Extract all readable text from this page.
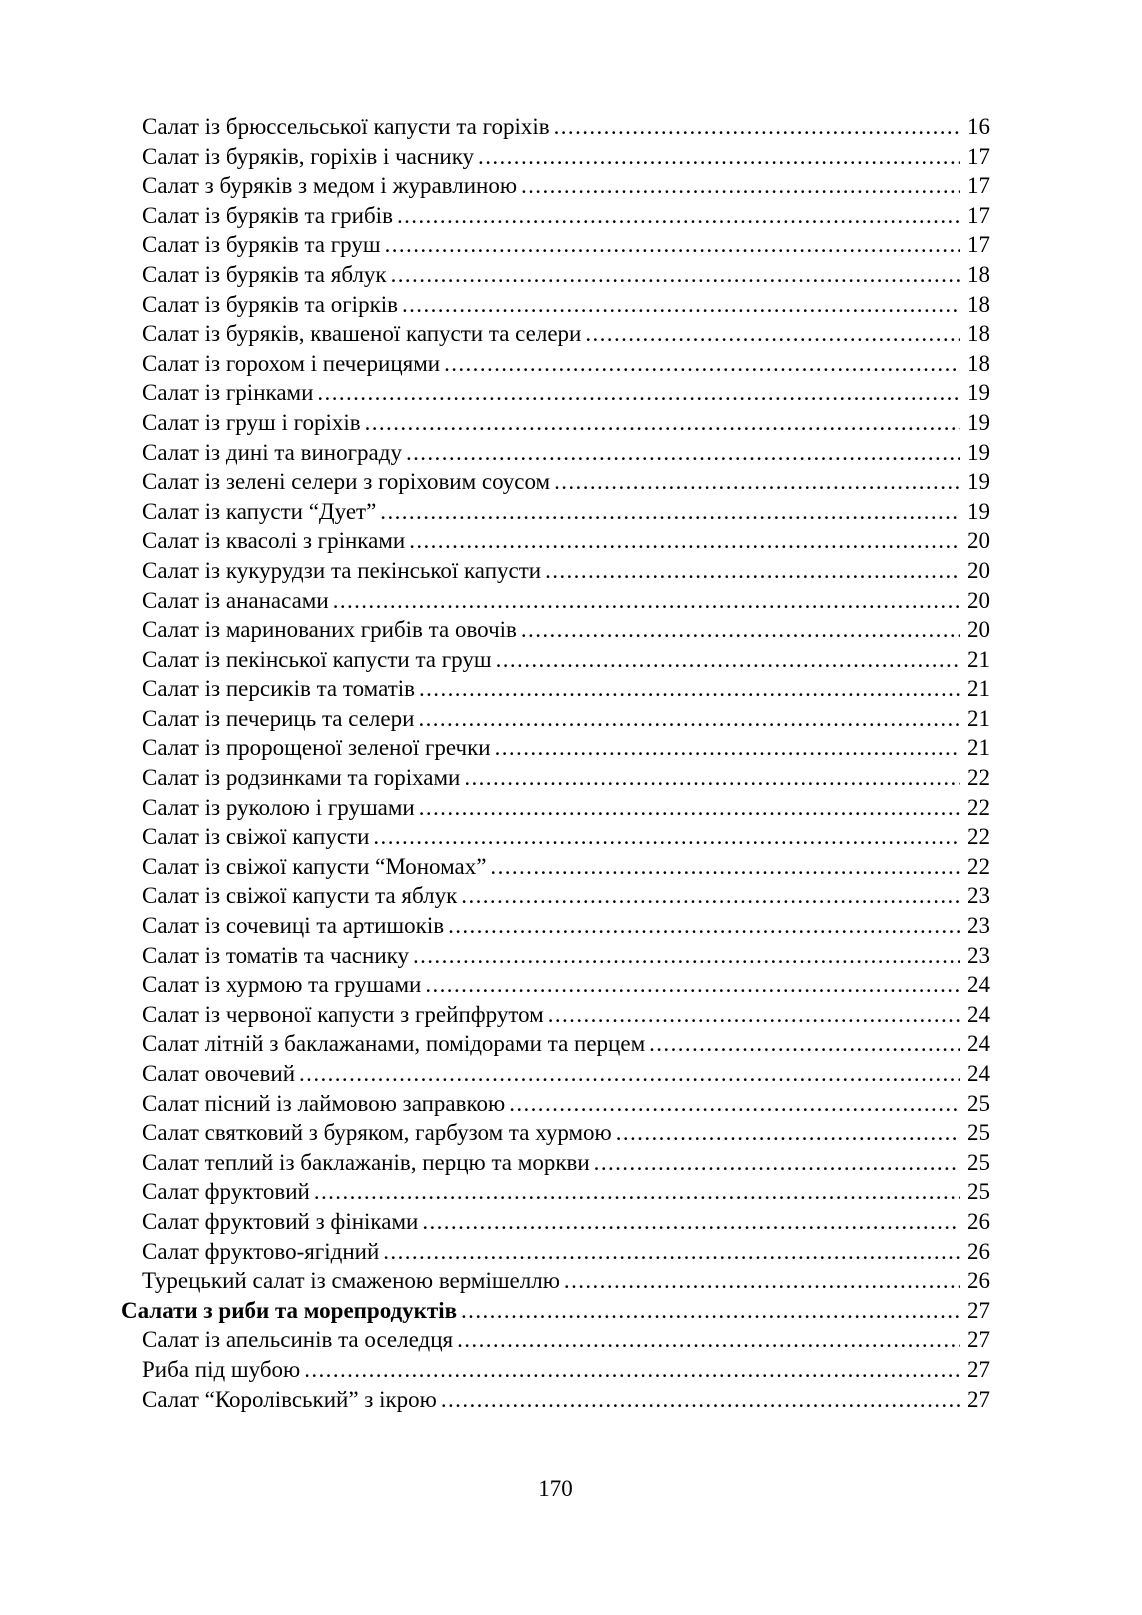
Салат із брюссельської капусти та горіхів .....	16
Салат із буряків, горіхів і часнику .....	17
Салат з буряків з медом і журавлиною .....	17
Салат із буряків та грибів .....	17
Салат із буряків та груш .....	17
Салат із буряків та яблук .....	18
Салат із буряків та огірків .....	18
Салат із буряків, квашеної капусти та селери .....	18
Салат із горохом і печерицями .....	18
Салат із грінками .....	19
Салат із груш і горіхів .....	19
Салат із дині та винограду .....	19
Салат із зелені селери з горіховим соусом .....	19
Салат із капусти “Дует” .....	19
Салат із квасолі з грінками .....	20
Салат із кукурудзи та пекінської капусти .....	20
Салат із ананасами .....	20
Салат із маринованих грибів та овочів .....	20
Салат із пекінської капусти та груш .....	21
Салат із персиків та томатів .....	21
Салат із печериць та селери .....	21
Салат із пророщеної зеленої гречки .....	21
Салат із родзинками та горіхами .....	22
Салат із руколою і грушами .....	22
Салат із свіжої капусти .....	22
Салат із свіжої капусти “Мономах” .....	22
Салат із свіжої капусти та яблук .....	23
Салат із сочевиці та артишоків .....	23
Салат із томатів та часнику .....	23
Салат із хурмою та грушами .....	24
Салат із червоної капусти з грейпфрутом .....	24
Салат літній з баклажанами, помідорами та перцем .....	24
Салат овочевий .....	24
Салат пісний із лаймовою заправкою .....	25
Салат святковий з буряком, гарбузом та хурмою .....	25
Салат теплий із баклажанів, перцю та моркви .....	25
Салат фруктовий .....	25
Салат фруктовий з фініками .....	26
Салат фруктово-ягідний .....	26
Турецький салат із смаженою вермішеллю .....	26
Салати з риби та морепродуктів .....	27
Салат із апельсинів та оселедця .....	27
Риба під шубою .....	27
Салат “Королівський” з ікрою .....	27
170
